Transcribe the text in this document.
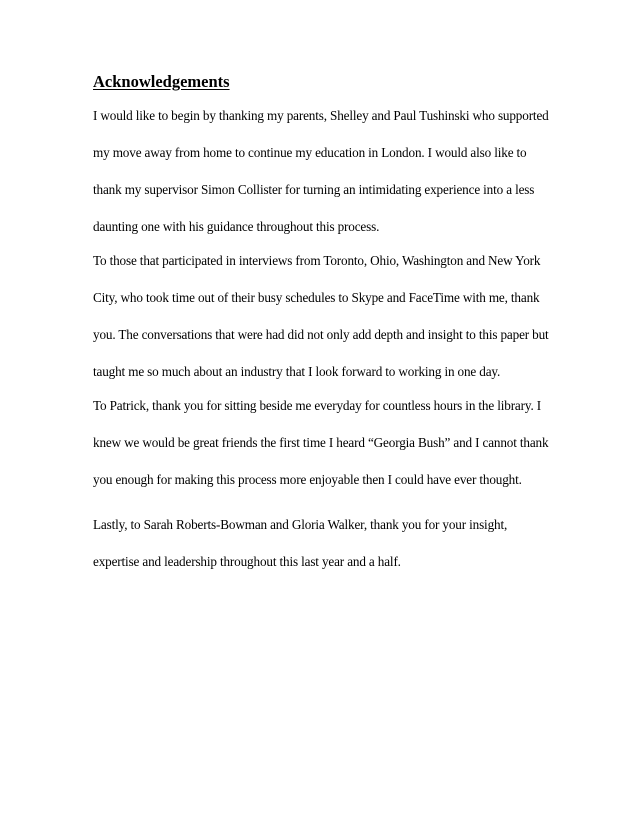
Acknowledgements
I would like to begin by thanking my parents, Shelley and Paul Tushinski who supported
my move away from home to continue my education in London. I would also like to
thank my supervisor Simon Collister for turning an intimidating experience into a less
daunting one with his guidance throughout this process.
To those that participated in interviews from Toronto, Ohio, Washington and New York
City, who took time out of their busy schedules to Skype and FaceTime with me, thank
you. The conversations that were had did not only add depth and insight to this paper but
taught me so much about an industry that I look forward to working in one day.
To Patrick, thank you for sitting beside me everyday for countless hours in the library. I
knew we would be great friends the first time I heard “Georgia Bush” and I cannot thank
you enough for making this process more enjoyable then I could have ever thought.
Lastly, to Sarah Roberts-Bowman and Gloria Walker, thank you for your insight,
expertise and leadership throughout this last year and a half.
